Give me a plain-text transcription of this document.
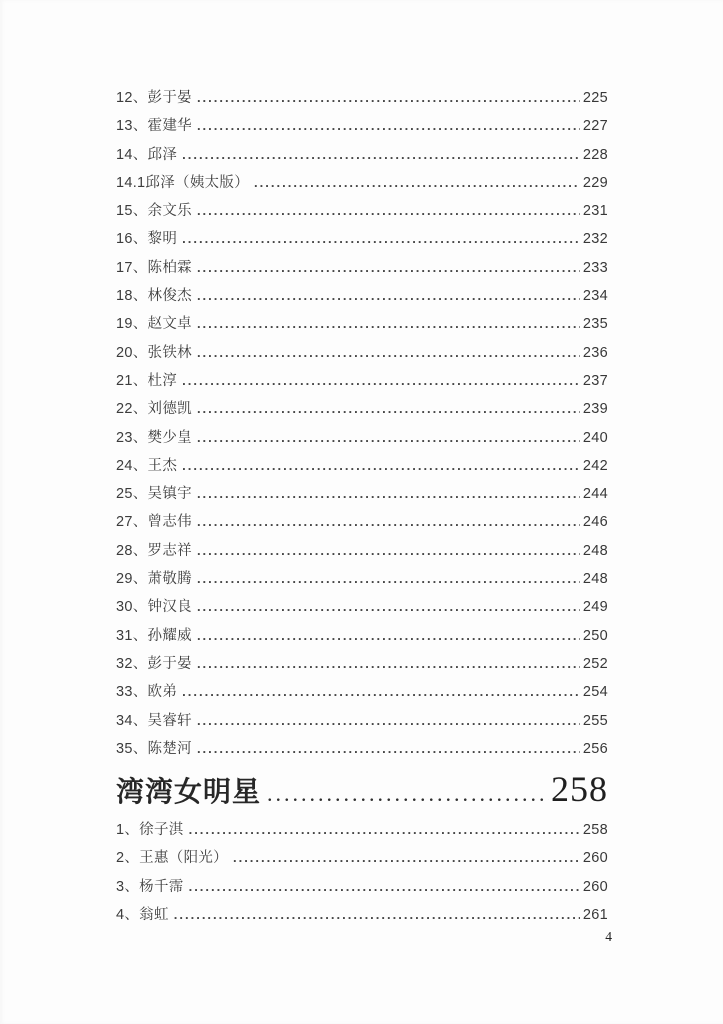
12、彭于晏 .....	225
13、霍建华 .....	227
14、邱泽 .....	228
14.1邱泽（姨太版） .....	229
15、余文乐 .....	231
16、黎明 .....	232
17、陈柏霖 .....	233
18、林俊杰 .....	234
19、赵文卓 .....	235
20、张铁林 .....	236
21、杜淳 .....	237
22、刘德凯 .....	239
23、樊少皇 .....	240
24、王杰 .....	242
25、吴镇宇 .....	244
27、曾志伟 .....	246
28、罗志祥 .....	248
29、萧敬腾 .....	248
30、钟汉良 .....	249
31、孙耀威 .....	250
32、彭于晏 .....	252
33、欧弟 .....	254
34、吴睿轩 .....	255
35、陈楚河 .....	256
湾湾女明星 .....	258
1、徐子淇 .....	258
2、王惠（阳光） .....	260
3、杨千霈 .....	260
4、翁虹 .....	261
4
